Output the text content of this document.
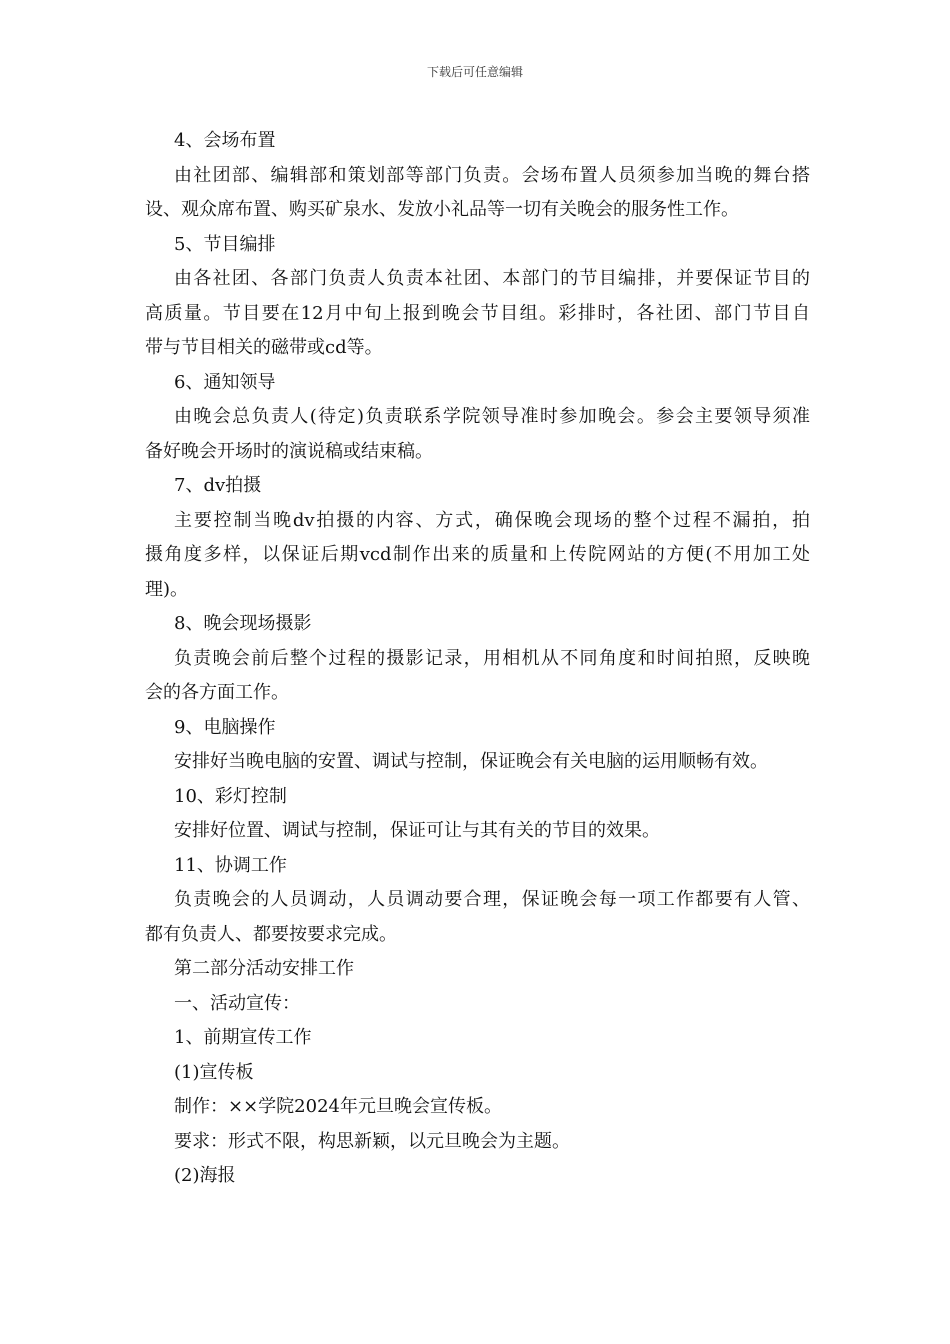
下载后可任意编辑
4、会场布置
由社团部、编辑部和策划部等部门负责。会场布置人员须参加当晚的舞台搭
设、观众席布置、购买矿泉水、发放小礼品等一切有关晚会的服务性工作。
5、节目编排
由各社团、各部门负责人负责本社团、本部门的节目编排，并要保证节目的
高质量。节目要在12月中旬上报到晚会节目组。彩排时，各社团、部门节目自
带与节目相关的磁带或cd等。
6、通知领导
由晚会总负责人(待定)负责联系学院领导准时参加晚会。参会主要领导须准
备好晚会开场时的演说稿或结束稿。
7、dv拍摄
主要控制当晚dv拍摄的内容、方式，确保晚会现场的整个过程不漏拍，拍
摄角度多样，以保证后期vcd制作出来的质量和上传院网站的方便(不用加工处
理)。
8、晚会现场摄影
负责晚会前后整个过程的摄影记录，用相机从不同角度和时间拍照，反映晚
会的各方面工作。
9、电脑操作
安排好当晚电脑的安置、调试与控制，保证晚会有关电脑的运用顺畅有效。
10、彩灯控制
安排好位置、调试与控制，保证可让与其有关的节目的效果。
11、协调工作
负责晚会的人员调动，人员调动要合理，保证晚会每一项工作都要有人管、
都有负责人、都要按要求完成。
第二部分活动安排工作
一、活动宣传：
1、前期宣传工作
(1)宣传板
制作：××学院2024年元旦晚会宣传板。
要求：形式不限，构思新颖，以元旦晚会为主题。
(2)海报
